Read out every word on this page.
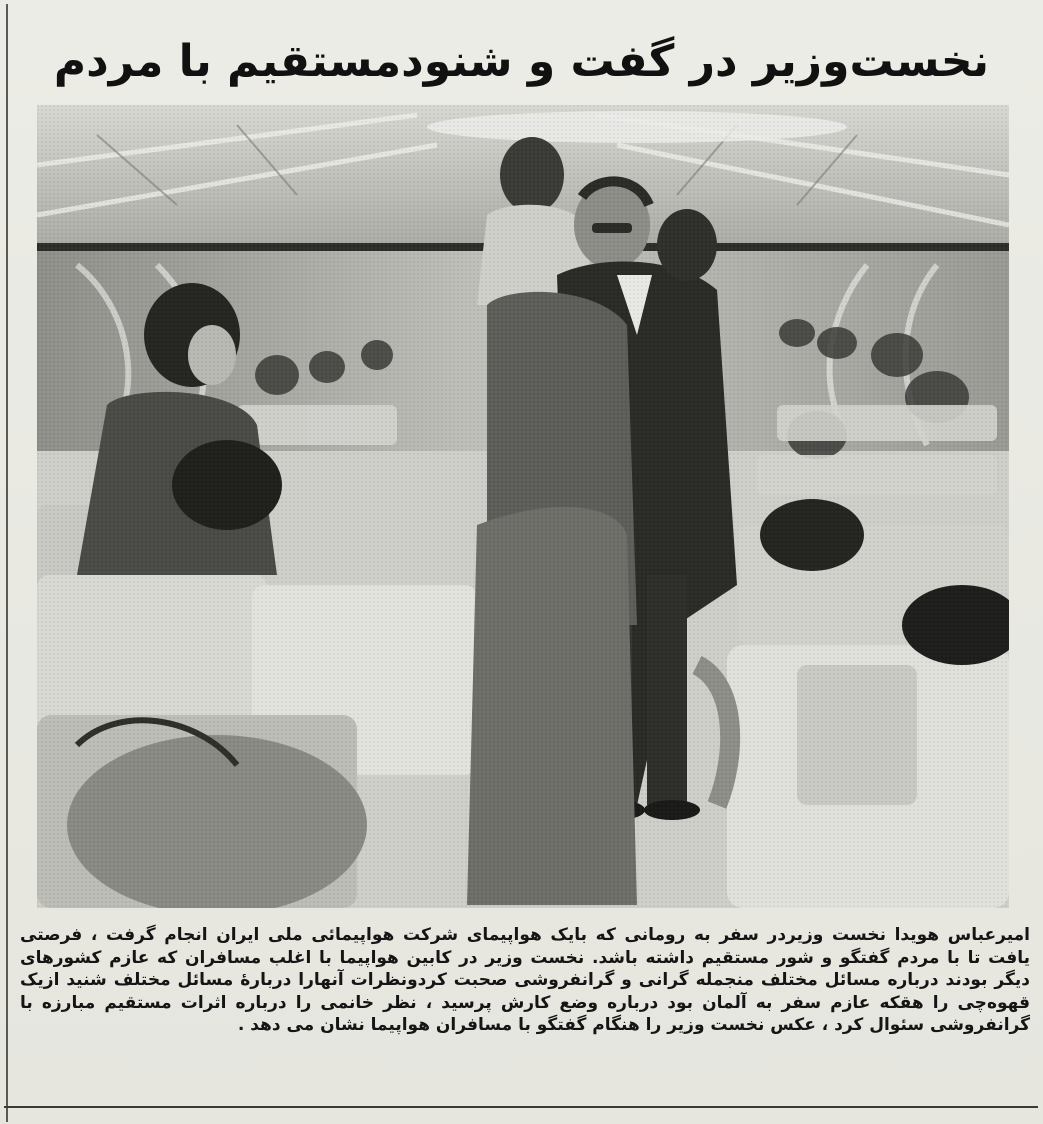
نخست‌وزیر در گفت و شنودمستقیم با مردم
امیرعباس هویدا نخست وزیردر سفر به رومانی که بایک هواپیمای شرکت هواپیمائی ملی ایران انجام گرفت ، فرصتی یافت تا با مردم گفتگو و شور مستقیم داشته باشد. نخست وزیر در کابین هواپیما با اغلب مسافران که عازم کشورهای دیگر بودند درباره مسائل مختلف منجمله گرانی و گرانفروشی صحبت کردونظرات آنهارا دربارهٔ مسائل مختلف شنید ازیک قهوه‌چی را هقکه عازم سفر به آلمان بود درباره وضع کارش پرسید ، نظر خانمی را درباره اثرات مستقیم مبارزه با گرانفروشی سئوال کرد ، عکس نخست وزیر را هنگام گفتگو با مسافران هواپیما نشان می دهد .
